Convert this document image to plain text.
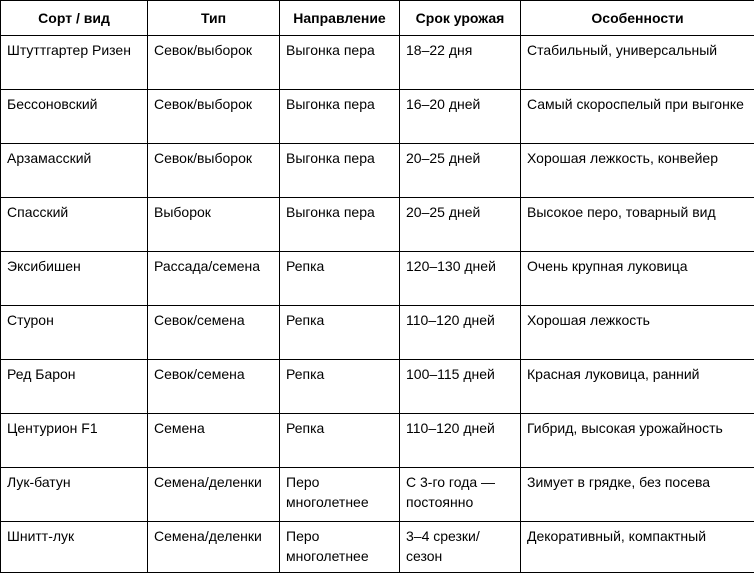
Сорт / вид	Тип	Направление	Срок урожая	Особенности
Штуттгартер Ризен	Севок/выборок	Выгонка пера	18–22 дня	Стабильный, универсальный
Бессоновский	Севок/выборок	Выгонка пера	16–20 дней	Самый скороспелый при выгонке
Арзамасский	Севок/выборок	Выгонка пера	20–25 дней	Хорошая лежкость, конвейер
Спасский	Выборок	Выгонка пера	20–25 дней	Высокое перо, товарный вид
Эксибишен	Рассада/семена	Репка	120–130 дней	Очень крупная луковица
Стурон	Севок/семена	Репка	110–120 дней	Хорошая лежкость
Ред Барон	Севок/семена	Репка	100–115 дней	Красная луковица, ранний
Центурион F1	Семена	Репка	110–120 дней	Гибрид, высокая урожайность
Лук-батун	Семена/деленки	Перо многолетнее	С 3-го года — постоянно	Зимует в грядке, без посева
Шнитт-лук	Семена/деленки	Перо многолетнее	3–4 срезки/сезон	Декоративный, компактный
